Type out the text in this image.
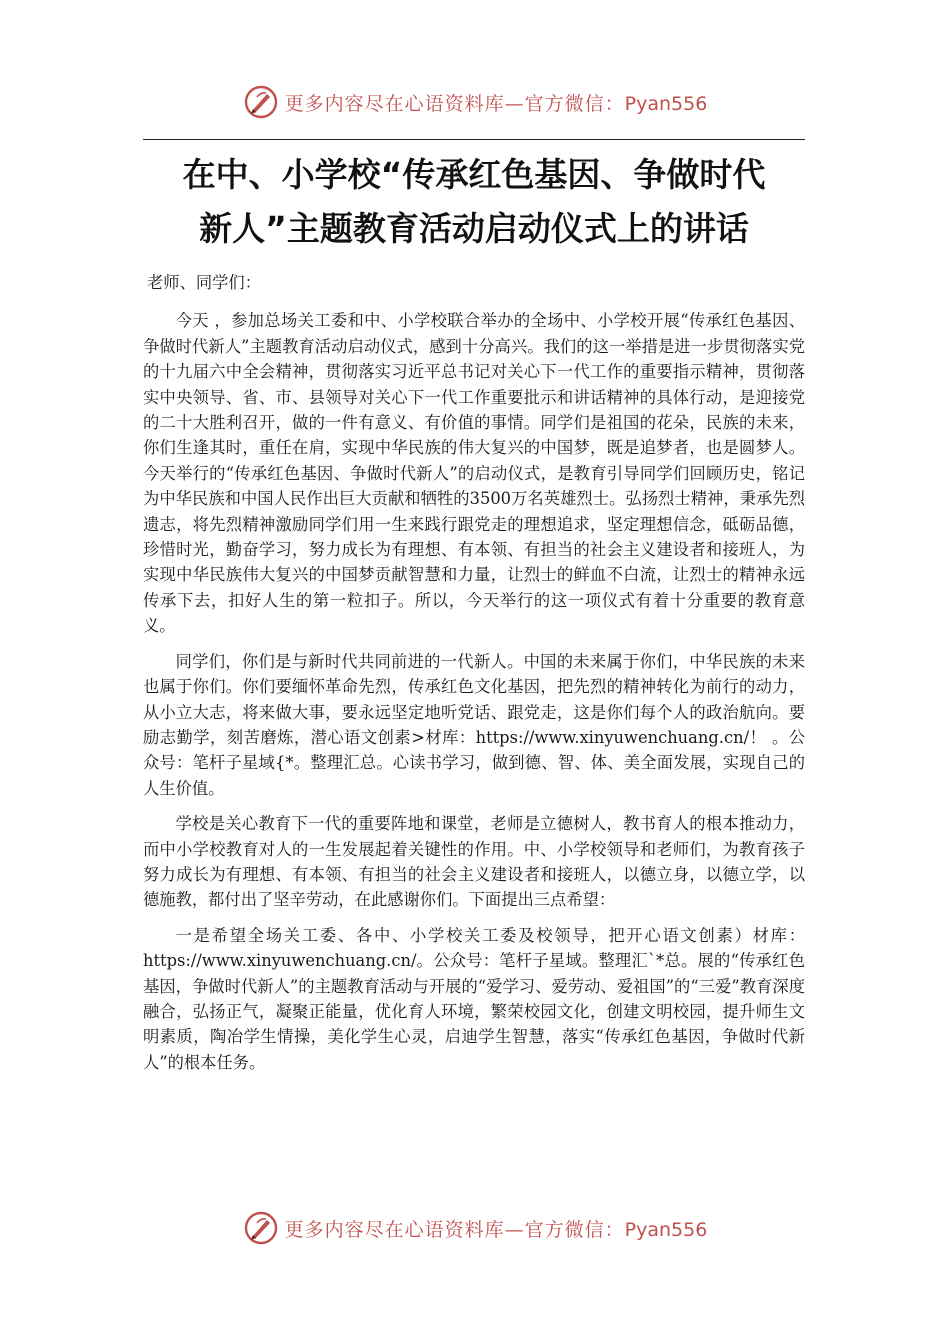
更多内容尽在心语资料库—官方微信：Pyan556
在中、小学校“传承红色基因、争做时代
新人”主题教育活动启动仪式上的讲话

老师、同学们：

今天 ，参加总场关工委和中、小学校联合举办的全场中、小学校开展“传承红色基因、争做时代新人”主题教育活动启动仪式，感到十分高兴。我们的这一举措是进一步贯彻落实党的十九届六中全会精神，贯彻落实习近平总书记对关心下一代工作的重要指示精神，贯彻落实中央领导、省、市、县领导对关心下一代工作重要批示和讲话精神的具体行动，是迎接党的二十大胜利召开，做的一件有意义、有价值的事情。同学们是祖国的花朵，民族的未来，你们生逢其时，重任在肩，实现中华民族的伟大复兴的中国梦，既是追梦者，也是圆梦人。今天举行的“传承红色基因、争做时代新人”的启动仪式，是教育引导同学们回顾历史，铭记为中华民族和中国人民作出巨大贡献和牺牲的3500万名英雄烈士。弘扬烈士精神，秉承先烈遗志，将先烈精神激励同学们用一生来践行跟党走的理想追求，坚定理想信念，砥砺品德，珍惜时光，勤奋学习，努力成长为有理想、有本领、有担当的社会主义建设者和接班人，为实现中华民族伟大复兴的中国梦贡献智慧和力量，让烈士的鲜血不白流，让烈士的精神永远传承下去，扣好人生的第一粒扣子。所以，今天举行的这一项仪式有着十分重要的教育意义。

同学们，你们是与新时代共同前进的一代新人。中国的未来属于你们，中华民族的未来也属于你们。你们要缅怀革命先烈，传承红色文化基因，把先烈的精神转化为前行的动力，从小立大志，将来做大事，要永远坚定地听党话、跟党走，这是你们每个人的政治航向。要励志勤学，刻苦磨炼，潜心语文创素>材库：https://www.xinyuwenchuang.cn/！ 。公众号：笔杆子星域{*。整理汇总。心读书学习，做到德、智、体、美全面发展，实现自己的人生价值。

学校是关心教育下一代的重要阵地和课堂，老师是立德树人，教书育人的根本推动力，而中小学校教育对人的一生发展起着关键性的作用。中、小学校领导和老师们，为教育孩子努力成长为有理想、有本领、有担当的社会主义建设者和接班人，以德立身，以德立学，以德施教，都付出了坚辛劳动，在此感谢你们。下面提出三点希望：

一是希望全场关工委、各中、小学校关工委及校领导，把开心语文创素）材库：https://www.xinyuwenchuang.cn/。公众号：笔杆子星域。整理汇`*总。展的“传承红色基因，争做时代新人”的主题教育活动与开展的“爱学习、爱劳动、爱祖国”的“三爱”教育深度融合，弘扬正气，凝聚正能量，优化育人环境，繁荣校园文化，创建文明校园，提升师生文明素质，陶冶学生情操，美化学生心灵，启迪学生智慧，落实“传承红色基因，争做时代新人”的根本任务。

更多内容尽在心语资料库—官方微信：Pyan556
